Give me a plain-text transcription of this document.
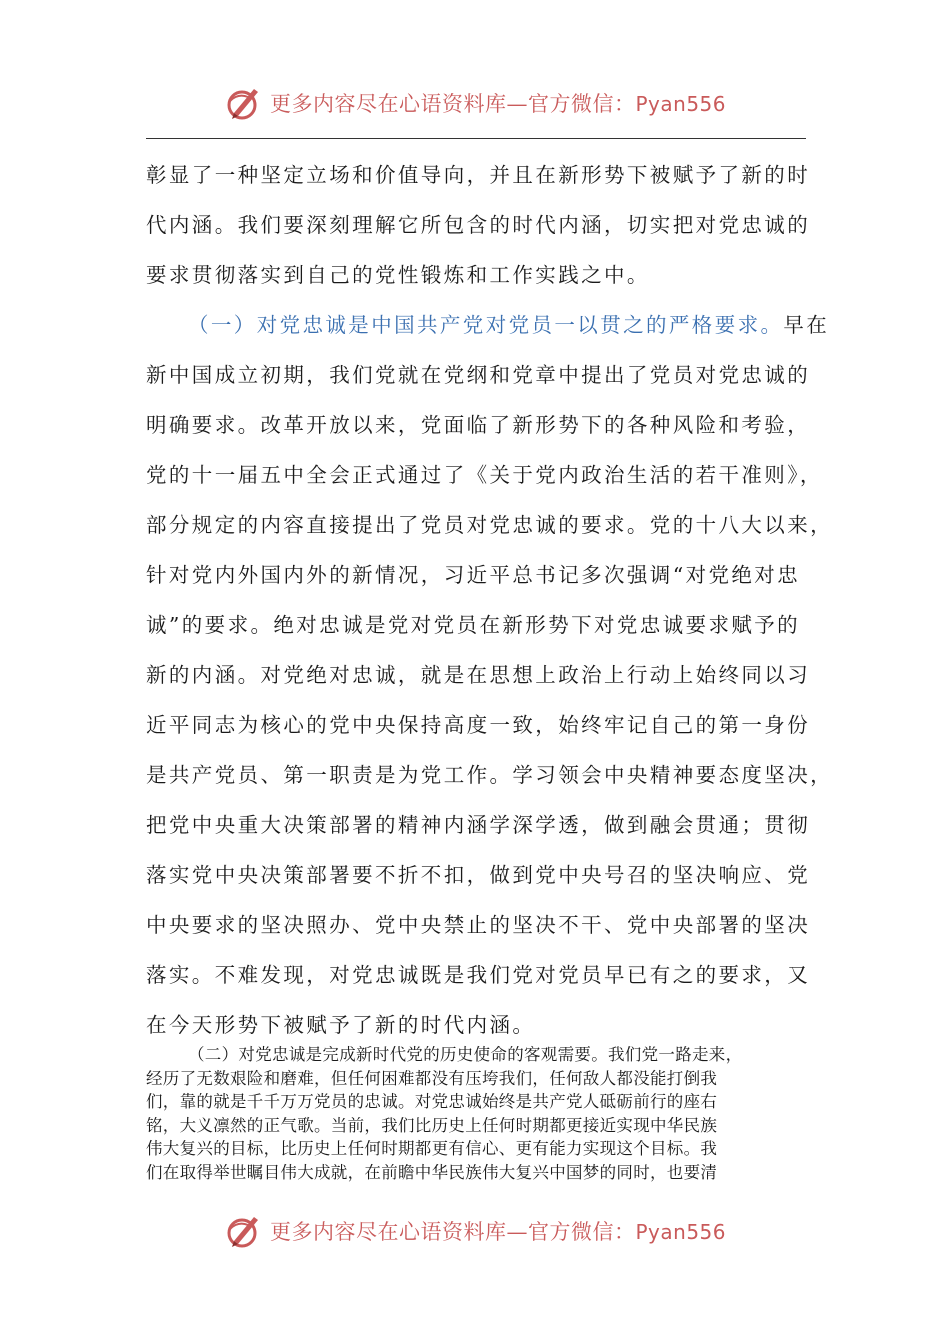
更多内容尽在心语资料库—官方微信：Pyan556
彰显了一种坚定立场和价值导向，并且在新形势下被赋予了新的时
代内涵。我们要深刻理解它所包含的时代内涵，切实把对党忠诚的
要求贯彻落实到自己的党性锻炼和工作实践之中。
（一）对党忠诚是中国共产党对党员一以贯之的严格要求。早在
新中国成立初期，我们党就在党纲和党章中提出了党员对党忠诚的
明确要求。改革开放以来，党面临了新形势下的各种风险和考验，
党的十一届五中全会正式通过了《关于党内政治生活的若干准则》，
部分规定的内容直接提出了党员对党忠诚的要求。党的十八大以来，
针对党内外国内外的新情况，习近平总书记多次强调“对党绝对忠
诚”的要求。绝对忠诚是党对党员在新形势下对党忠诚要求赋予的
新的内涵。对党绝对忠诚，就是在思想上政治上行动上始终同以习
近平同志为核心的党中央保持高度一致，始终牢记自己的第一身份
是共产党员、第一职责是为党工作。学习领会中央精神要态度坚决，
把党中央重大决策部署的精神内涵学深学透，做到融会贯通；贯彻
落实党中央决策部署要不折不扣，做到党中央号召的坚决响应、党
中央要求的坚决照办、党中央禁止的坚决不干、党中央部署的坚决
落实。不难发现，对党忠诚既是我们党对党员早已有之的要求，又
在今天形势下被赋予了新的时代内涵。
（二）对党忠诚是完成新时代党的历史使命的客观需要。我们党一路走来，
经历了无数艰险和磨难，但任何困难都没有压垮我们，任何敌人都没能打倒我
们，靠的就是千千万万党员的忠诚。对党忠诚始终是共产党人砥砺前行的座右
铭，大义凛然的正气歌。当前，我们比历史上任何时期都更接近实现中华民族
伟大复兴的目标，比历史上任何时期都更有信心、更有能力实现这个目标。我
们在取得举世瞩目伟大成就，在前瞻中华民族伟大复兴中国梦的同时，也要清
更多内容尽在心语资料库—官方微信：Pyan556
